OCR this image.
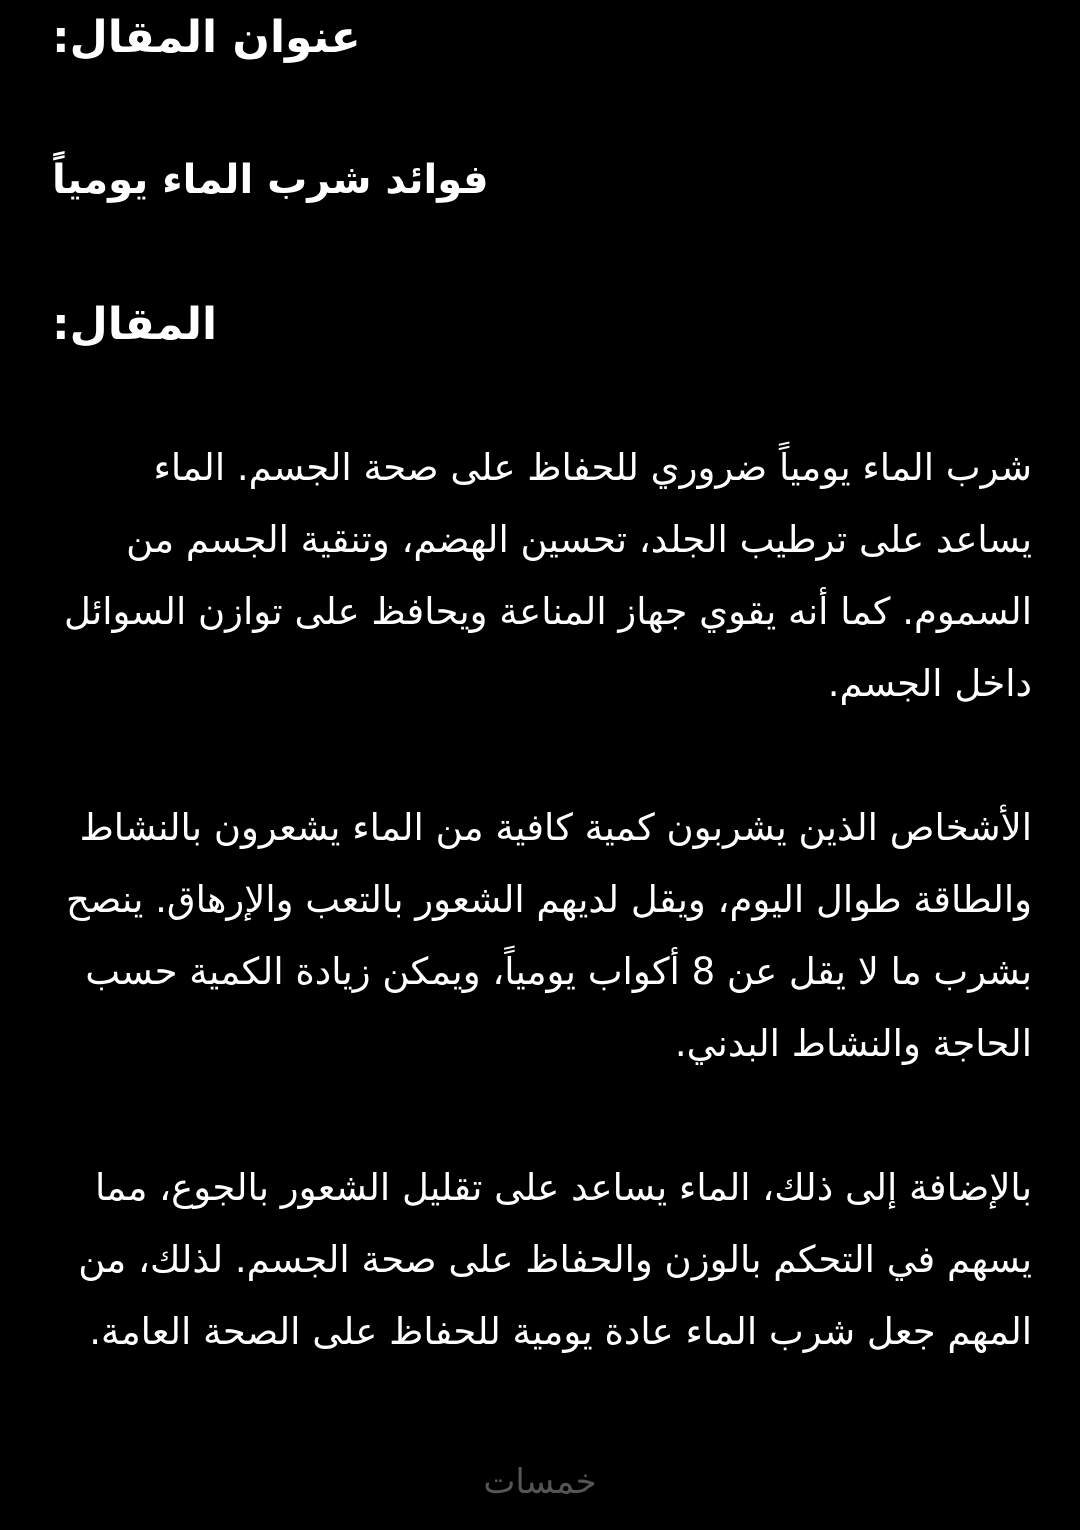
عنوان المقال:
فوائد شرب الماء يومياً
المقال:

شرب الماء يومياً ضروري للحفاظ على صحة الجسم. الماء يساعد على ترطيب الجلد، تحسين الهضم، وتنقية الجسم من السموم. كما أنه يقوي جهاز المناعة ويحافظ على توازن السوائل داخل الجسم.

الأشخاص الذين يشربون كمية كافية من الماء يشعرون بالنشاط والطاقة طوال اليوم، ويقل لديهم الشعور بالتعب والإرهاق. ينصح بشرب ما لا يقل عن 8 أكواب يومياً، ويمكن زيادة الكمية حسب الحاجة والنشاط البدني.

بالإضافة إلى ذلك، الماء يساعد على تقليل الشعور بالجوع، مما يسهم في التحكم بالوزن والحفاظ على صحة الجسم. لذلك، من المهم جعل شرب الماء عادة يومية للحفاظ على الصحة العامة.

خمسات
